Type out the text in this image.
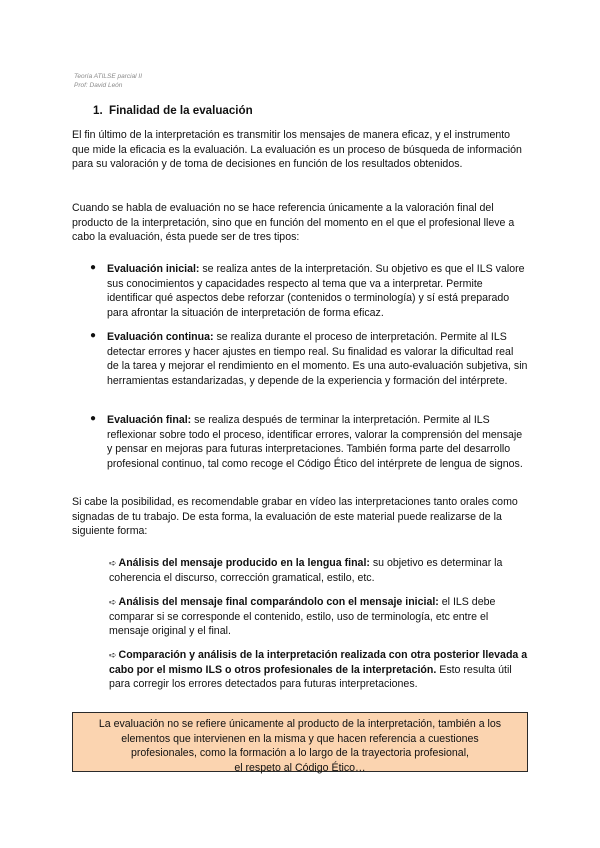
Teoría ATILSE parcial II
Prof: David León
1. Finalidad de la evaluación

El fin último de la interpretación es transmitir los mensajes de manera eficaz, y el instrumento que mide la eficacia es la evaluación. La evaluación es un proceso de búsqueda de información para su valoración y de toma de decisiones en función de los resultados obtenidos.

Cuando se habla de evaluación no se hace referencia únicamente a la valoración final del producto de la interpretación, sino que en función del momento en el que el profesional lleve a cabo la evaluación, ésta puede ser de tres tipos:

● Evaluación inicial: se realiza antes de la interpretación. Su objetivo es que el ILS valore sus conocimientos y capacidades respecto al tema que va a interpretar. Permite identificar qué aspectos debe reforzar (contenidos o terminología) y sí está preparado para afrontar la situación de interpretación de forma eficaz.

● Evaluación continua: se realiza durante el proceso de interpretación. Permite al ILS detectar errores y hacer ajustes en tiempo real. Su finalidad es valorar la dificultad real de la tarea y mejorar el rendimiento en el momento. Es una auto-evaluación subjetiva, sin herramientas estandarizadas, y depende de la experiencia y formación del intérprete.

● Evaluación final: se realiza después de terminar la interpretación. Permite al ILS reflexionar sobre todo el proceso, identificar errores, valorar la comprensión del mensaje y pensar en mejoras para futuras interpretaciones. También forma parte del desarrollo profesional continuo, tal como recoge el Código Ético del intérprete de lengua de signos.

Si cabe la posibilidad, es recomendable grabar en vídeo las interpretaciones tanto orales como signadas de tu trabajo. De esta forma, la evaluación de este material puede realizarse de la siguiente forma:

➪ Análisis del mensaje producido en la lengua final: su objetivo es determinar la coherencia el discurso, corrección gramatical, estilo, etc.

➪ Análisis del mensaje final comparándolo con el mensaje inicial: el ILS debe comparar si se corresponde el contenido, estilo, uso de terminología, etc entre el mensaje original y el final.

➪ Comparación y análisis de la interpretación realizada con otra posterior llevada a cabo por el mismo ILS o otros profesionales de la interpretación. Esto resulta útil para corregir los errores detectados para futuras interpretaciones.

La evaluación no se refiere únicamente al producto de la interpretación, también a los
elementos que intervienen en la misma y que hacen referencia a cuestiones
profesionales, como la formación a lo largo de la trayectoria profesional,
el respeto al Código Ético…
